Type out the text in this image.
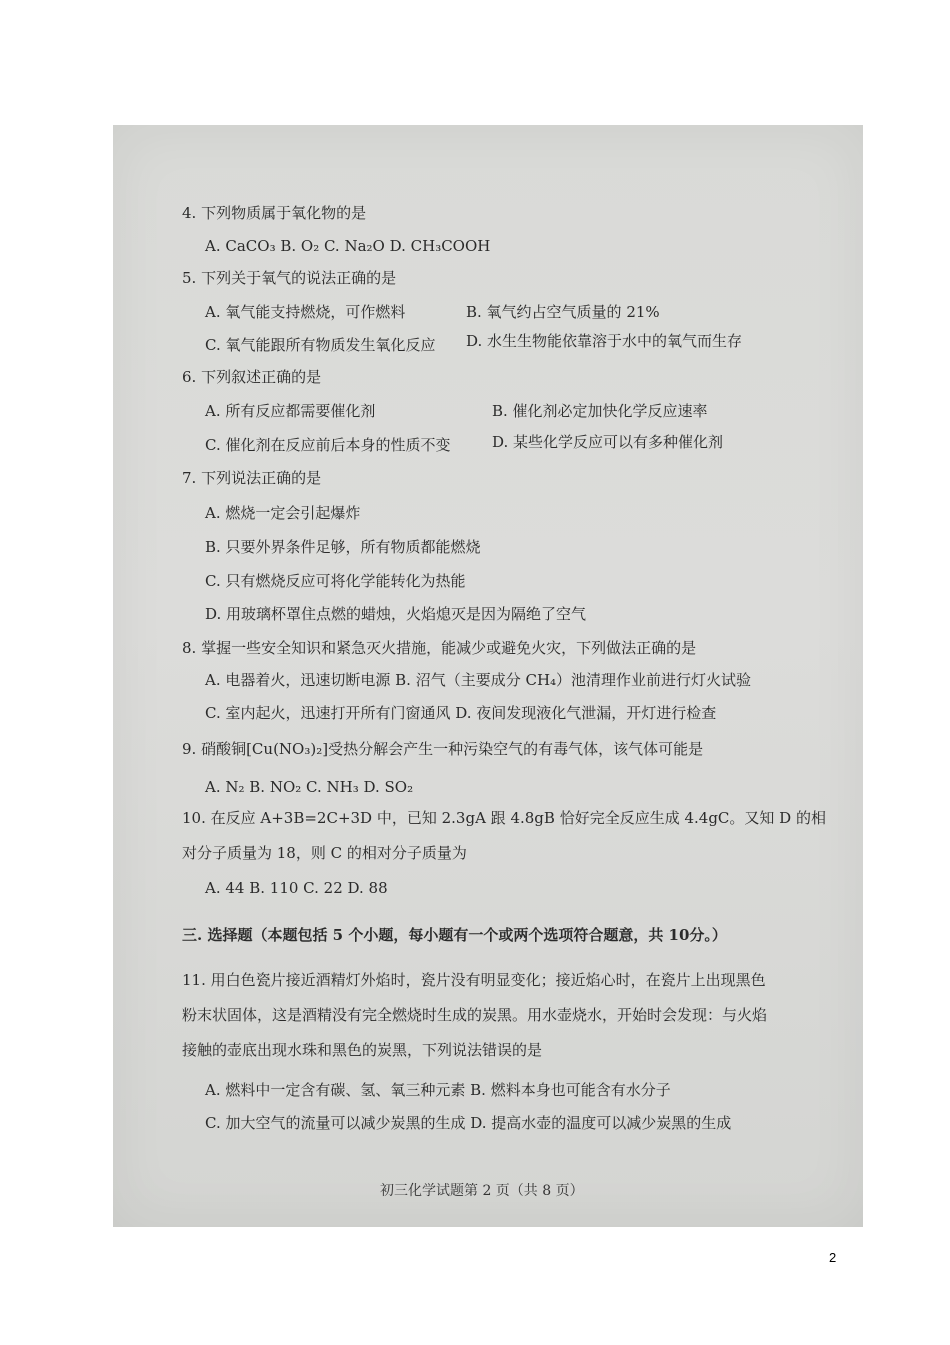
4. 下列物质属于氧化物的是
A. CaCO₃ B. O₂ C. Na₂O D. CH₃COOH
5. 下列关于氧气的说法正确的是
A. 氧气能支持燃烧，可作燃料	B. 氧气约占空气质量的 21%
C. 氧气能跟所有物质发生氧化反应 D. 水生生物能依靠溶于水中的氧气而生存
6. 下列叙述正确的是
A. 所有反应都需要催化剂	B. 催化剂必定加快化学反应速率
C. 催化剂在反应前后本身的性质不变	D. 某些化学反应可以有多种催化剂
7. 下列说法正确的是
A. 燃烧一定会引起爆炸
B. 只要外界条件足够，所有物质都能燃烧
C. 只有燃烧反应可将化学能转化为热能
D. 用玻璃杯罩住点燃的蜡烛，火焰熄灭是因为隔绝了空气
8. 掌握一些安全知识和紧急灭火措施，能减少或避免火灾，下列做法正确的是
A. 电器着火，迅速切断电源 B. 沼气（主要成分 CH₄）池清理作业前进行灯火试验
C. 室内起火，迅速打开所有门窗通风 D. 夜间发现液化气泄漏，开灯进行检查
9. 硝酸铜[Cu(NO₃)₂]受热分解会产生一种污染空气的有毒气体，该气体可能是
A. N₂ B. NO₂ C. NH₃ D. SO₂
10. 在反应 A+3B=2C+3D 中，已知 2.3gA 跟 4.8gB 恰好完全反应生成 4.4gC。又知 D 的相
对分子质量为 18，则 C 的相对分子质量为
A. 44 B. 110 C. 22 D. 88
三. 选择题（本题包括 5 个小题，每小题有一个或两个选项符合题意，共 10分。）
11. 用白色瓷片接近酒精灯外焰时，瓷片没有明显变化；接近焰心时，在瓷片上出现黑色
粉末状固体，这是酒精没有完全燃烧时生成的炭黑。用水壶烧水，开始时会发现：与火焰
接触的壶底出现水珠和黑色的炭黑，下列说法错误的是
A. 燃料中一定含有碳、氢、氧三种元素 B. 燃料本身也可能含有水分子
C. 加大空气的流量可以减少炭黑的生成 D. 提高水壶的温度可以减少炭黑的生成
初三化学试题第 2 页（共 8 页）
2
